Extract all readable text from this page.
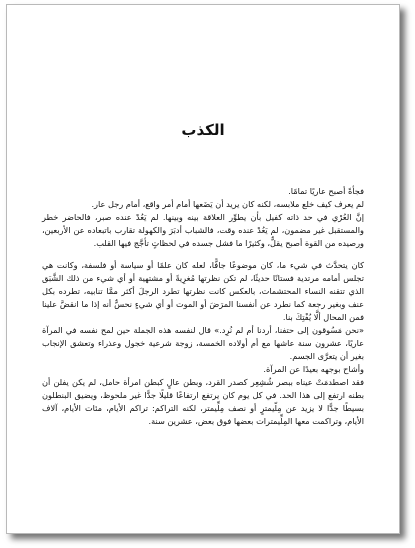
الكذب

فجأةً أصبح عاريًا تمامًا.

لم يعرف كيف خلع ملابسه، لكنه كان يريد أن يَضَعها أمام أمر واقع، أمام رجل عار.

إنَّ العُرْي في حد ذاته كفيل بأن يطوِّر العلاقة بينه وبينها. لم يَعُدْ عنده صبر، فالحاضر خطر والمستقبل غير مضمون، لم يَعُدْ عنده وقت، فالشباب أدبَرَ والكهولة تقارب باتبعاده عن الأربعين، ورصيده من القوة أصبح يقلُّ، وكثيرًا ما فشل جسده في لحظاتٍ تأجَّج فيها القلب.

كان يتحدَّث في شيء ما، كان موضوعًا جافًّا، لعله كان علمًا أو سياسة أو فلسفة، وكانت هي تجلس أمامه مرتدية فستانًا حديثًا، لم تكن نظرتها مُغرِيةً أو مشتهية أو أي شيء من ذلك الشَّبَق الذي تتقنه النساء المحتشمات، بالعكس كانت نظرتها تطرد الرجلَ أكثر ممَّا تنابيه، تطرده بكل عنف وبغير رجعة كما نطرد عن أنفسنا المرَضَ أو الموت أو أي شيءٍ نحسُّ أنه إذا ما انقضَّ علينا فمن المحال ألَّا يُفْتِكَ بنا.

«نحن مَسُوقون إلى حتفنا، أردنا أم لم نُرِد.» قال لنفسه هذه الجملة حين لمح نفسه في المرآة عاريًا، عشرون سنة عاشها مع أم أولاده الخمسة، زوجة شرعية خجول وعذراء وتعشق الإنجاب بغير أن يتعرَّى الجسم.

وأشاح بوجهه بعيدًا عن المرآة.

فقد اصطدمَتْ عيناه ببصر شُشِعِر كصدر القرد، وبطن عالٍ كبطن امرأة حامل، لم يكن يفلن أن بطنه ارتفع إلى هذا الحد. في كل يوم كان يرتفع ارتفاعًا قليلًا جدًّا غير ملحوظ، ويضيق البنطلون بسيطًا جدًّا لا يزيد عن مِلّيمترٍ أو نصف مِلِّيمتر، لكنه التراكم: تراكم الأيام، مئات الأيام، آلاف الأيام، وتراكمت معها المِلِّيمترات بعضها فوق بعض، عشرين سنة.
